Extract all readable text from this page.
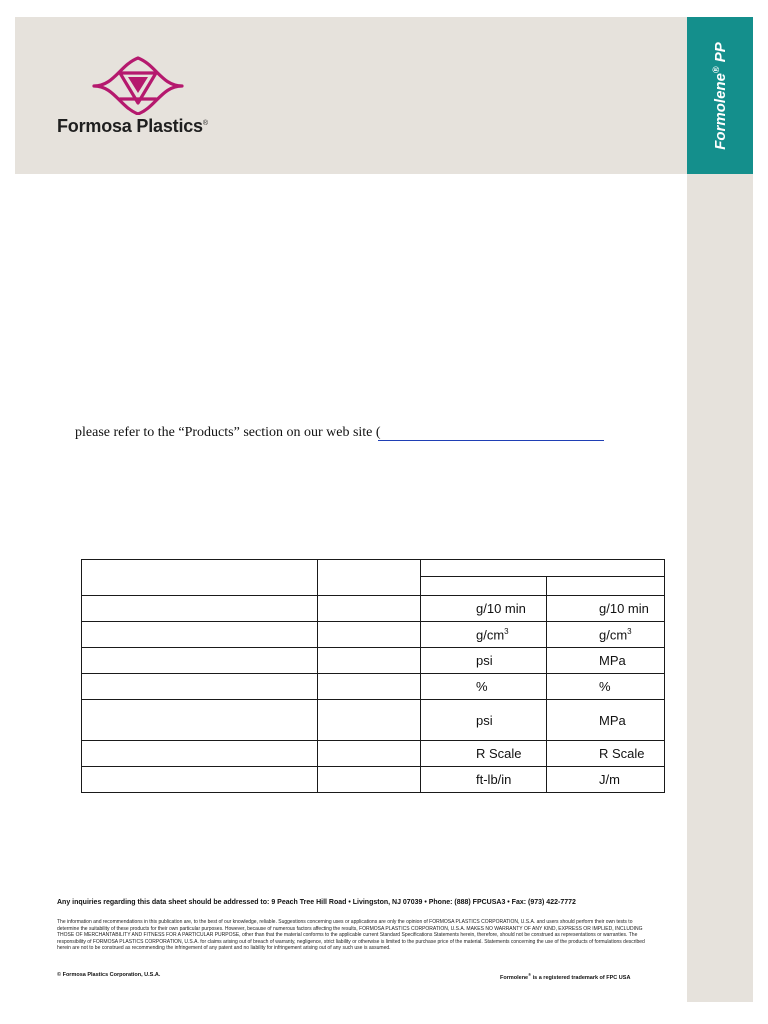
Formolene® PP
Formosa Plastics®
please refer to the “Products” section on our web site (

		g/10 min	g/10 min
		$g/cm^3$	$g/cm^3$
		psi	MPa
		%	%
		psi	MPa
		R Scale	R Scale
		ft-lb/in	J/m
Any inquiries regarding this data sheet should be addressed to: 9 Peach Tree Hill Road • Livingston, NJ 07039 • Phone: (888) FPCUSA3 • Fax: (973) 422-7772
The information and recommendations in this publication are, to the best of our knowledge, reliable. Suggestions concerning uses or applications are only the opinion of FORMOSA PLASTICS CORPORATION, U.S.A. and users should perform their own tests to determine the suitability of these products for their own particular purposes. However, because of numerous factors affecting the results, FORMOSA PLASTICS CORPORATION, U.S.A. MAKES NO WARRANTY OF ANY KIND, EXPRESS OR IMPLIED, INCLUDING THOSE OF MERCHANTABILITY AND FITNESS FOR A PARTICULAR PURPOSE, other than that the material conforms to the applicable current Standard Specifications Statements herein, therefore, should not be construed as representations or warranties. The responsibility of FORMOSA PLASTICS CORPORATION, U.S.A. for claims arising out of breach of warranty, negligence, strict liability or otherwise is limited to the purchase price of the material. Statements concerning the use of the products of formulations described herein are not to be construed as recommending the infringement of any patent and no liability for infringement arising out of any such use is assumed.
© Formosa Plastics Corporation, U.S.A.	Formolene® is a registered trademark of FPC USA
